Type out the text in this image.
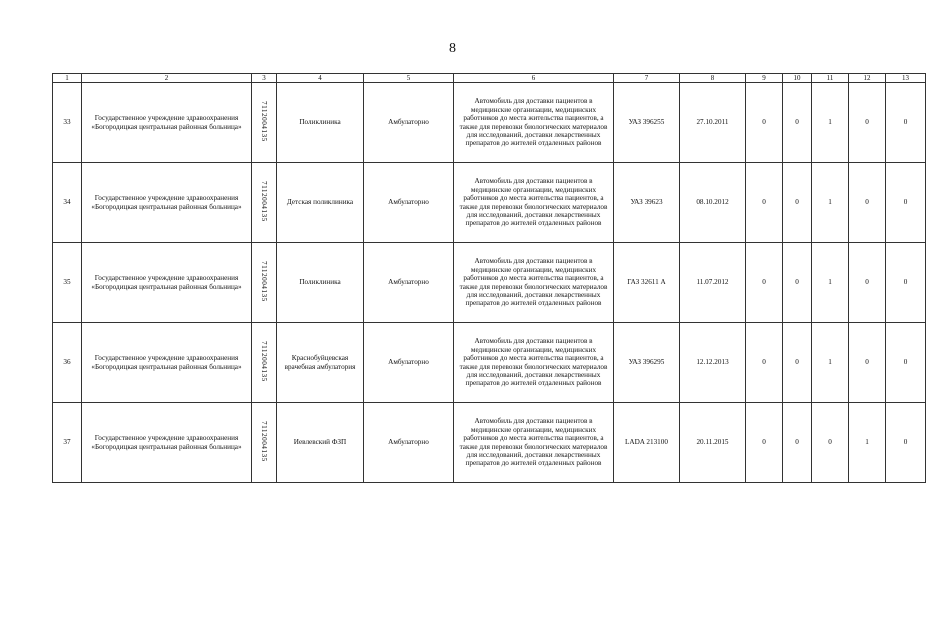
8
1	2	3	4	5	6	7	8	9	10	11	12	13
33	Государственное учреждение здравоохранения «Богородицкая центральная районная больница»	7112004135	Поликлиника	Амбулаторно	Автомобиль для доставки пациентов в медицинские организации, медицинских работников до места жительства пациентов, а также для перевозки биологических материалов для исследований, доставки лекарственных препаратов до жителей отдаленных районов	УАЗ 396255	27.10.2011	0	0	1	0	0
34	Государственное учреждение здравоохранения «Богородицкая центральная районная больница»	7112004135	Детская поликлиника	Амбулаторно	Автомобиль для доставки пациентов в медицинские организации, медицинских работников до места жительства пациентов, а также для перевозки биологических материалов для исследований, доставки лекарственных препаратов до жителей отдаленных районов	УАЗ 39623	08.10.2012	0	0	1	0	0
35	Государственное учреждение здравоохранения «Богородицкая центральная районная больница»	7112004135	Поликлиника	Амбулаторно	Автомобиль для доставки пациентов в медицинские организации, медицинских работников до места жительства пациентов, а также для перевозки биологических материалов для исследований, доставки лекарственных препаратов до жителей отдаленных районов	ГАЗ 32611 А	11.07.2012	0	0	1	0	0
36	Государственное учреждение здравоохранения «Богородицкая центральная районная больница»	7112004135	Краснобуйцевская врачебная амбулатория	Амбулаторно	Автомобиль для доставки пациентов в медицинские организации, медицинских работников до места жительства пациентов, а также для перевозки биологических материалов для исследований, доставки лекарственных препаратов до жителей отдаленных районов	УАЗ 396295	12.12.2013	0	0	1	0	0
37	Государственное учреждение здравоохранения «Богородицкая центральная районная больница»	7112004135	Иевлевский ФЗП	Амбулаторно	Автомобиль для доставки пациентов в медицинские организации, медицинских работников до места жительства пациентов, а также для перевозки биологических материалов для исследований, доставки лекарственных препаратов до жителей отдаленных районов	LADA 213100	20.11.2015	0	0	0	1	0
